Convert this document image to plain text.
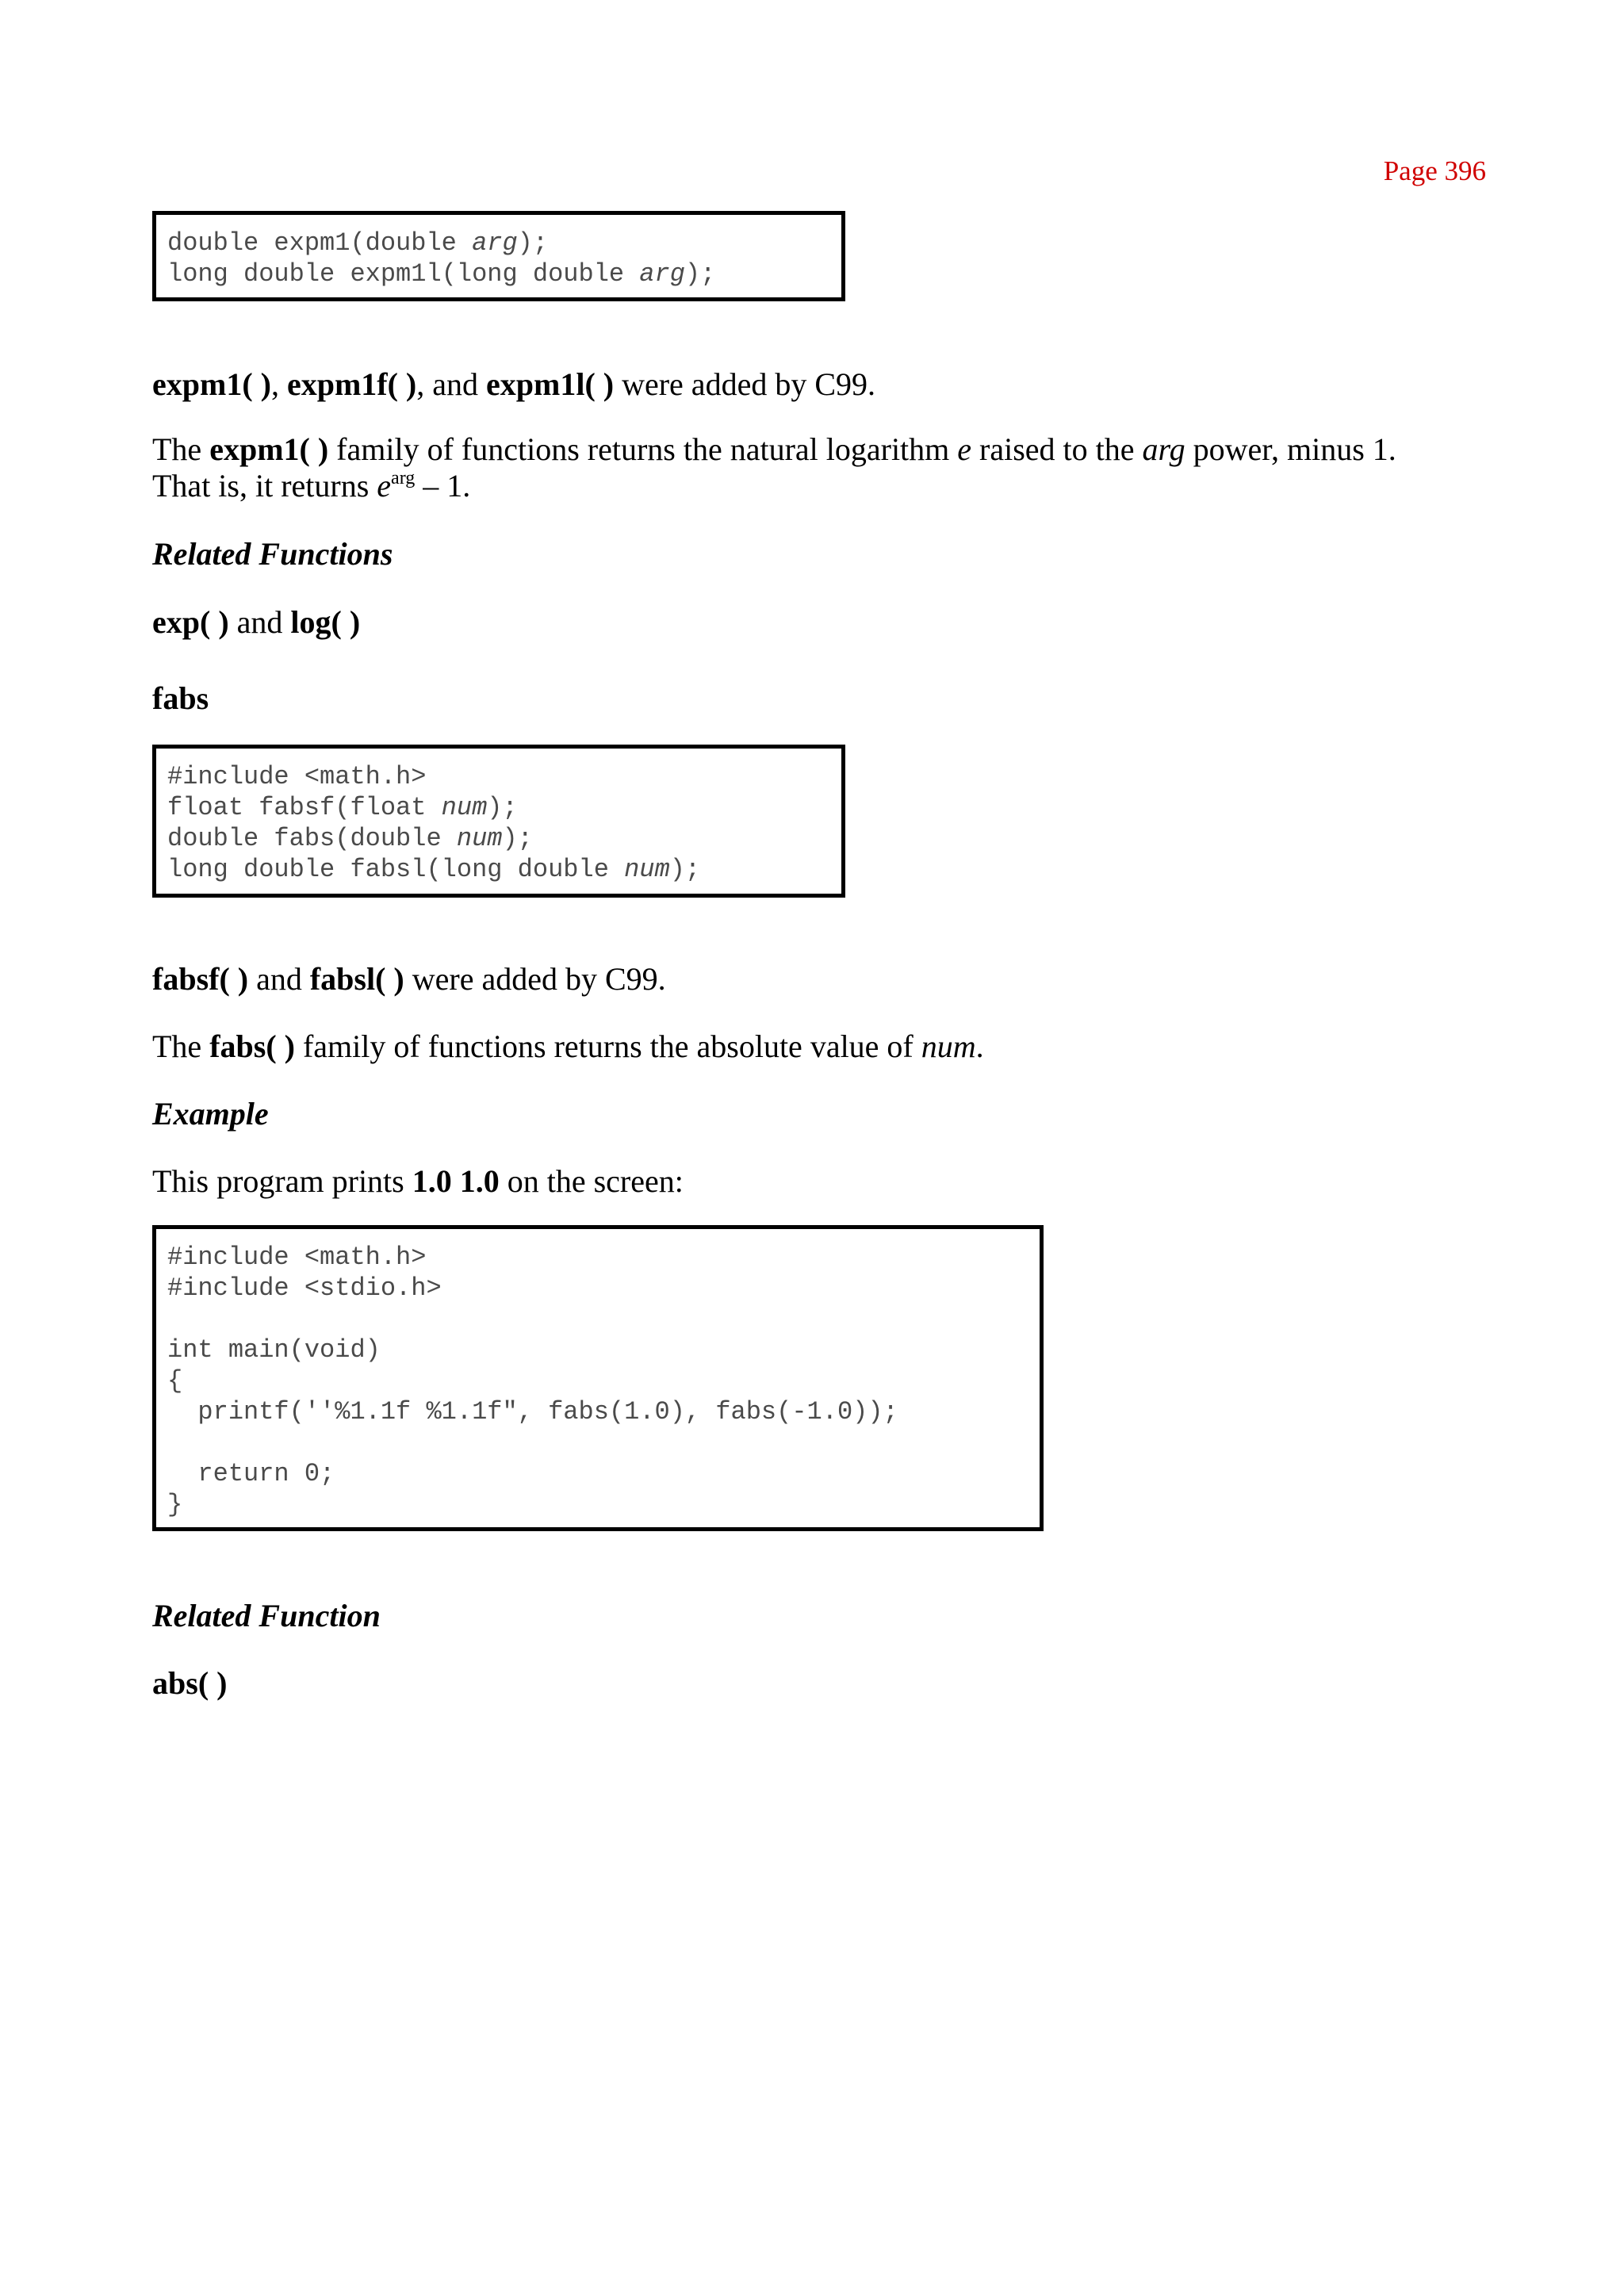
Page 396
double expm1(double arg);
long double expm1l(long double arg);
expm1( ), expm1f( ), and expm1l( ) were added by C99.
The expm1( ) family of functions returns the natural logarithm e raised to the arg power, minus 1.
That is, it returns $e^{arg} - 1$.
Related Functions
exp( ) and log( )
fabs
#include <math.h>
float fabsf(float num);
double fabs(double num);
long double fabsl(long double num);
fabsf( ) and fabsl( ) were added by C99.
The fabs( ) family of functions returns the absolute value of num.
Example
This program prints 1.0 1.0 on the screen:
#include <math.h>
#include <stdio.h>
int main(void)
{
printf(''%1.1f %1.1f", fabs(1.0), fabs(-1.0));
return 0;
}
Related Function
abs( )
